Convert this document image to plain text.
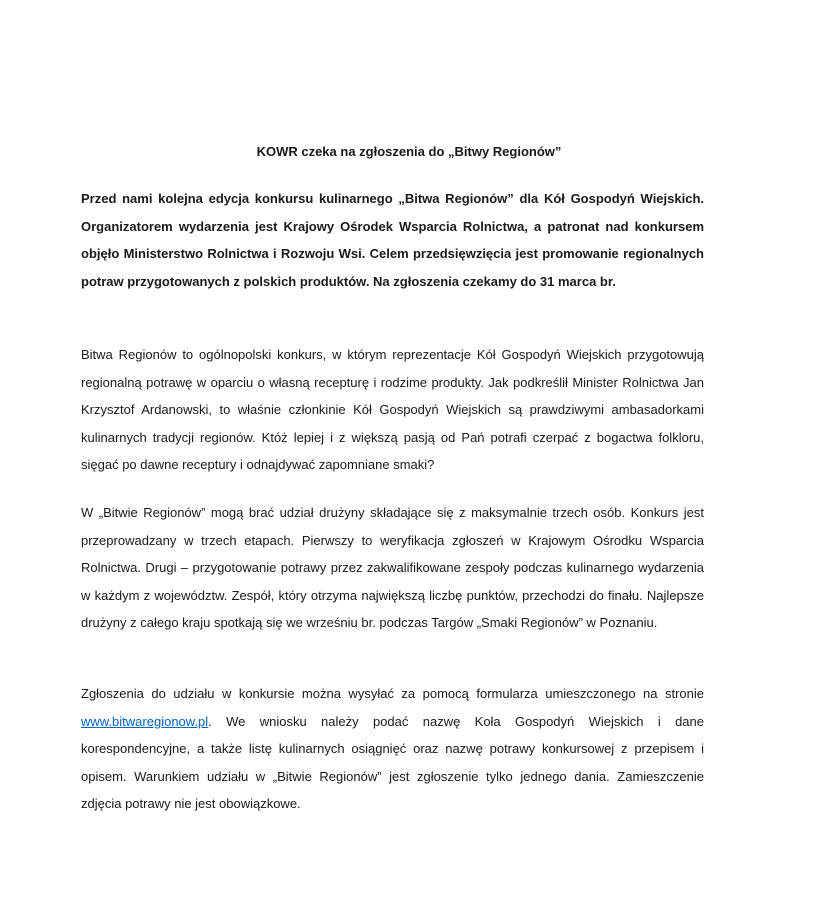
KOWR czeka na zgłoszenia do „Bitwy Regionów”

Przed nami kolejna edycja konkursu kulinarnego „Bitwa Regionów” dla Kół Gospodyń Wiejskich. Organizatorem wydarzenia jest Krajowy Ośrodek Wsparcia Rolnictwa, a patronat nad konkursem objęło Ministerstwo Rolnictwa i Rozwoju Wsi. Celem przedsięwzięcia jest promowanie regionalnych potraw przygotowanych z polskich produktów. Na zgłoszenia czekamy do 31 marca br.

Bitwa Regionów to ogólnopolski konkurs, w którym reprezentacje Kół Gospodyń Wiejskich przygotowują regionalną potrawę w oparciu o własną recepturę i rodzime produkty. Jak podkreślił Minister Rolnictwa Jan Krzysztof Ardanowski, to właśnie członkinie Kół Gospodyń Wiejskich są prawdziwymi ambasadorkami kulinarnych tradycji regionów. Któż lepiej i z większą pasją od Pań potrafi czerpać z bogactwa folkloru, sięgać po dawne receptury i odnajdywać zapomniane smaki?

W „Bitwie Regionów” mogą brać udział drużyny składające się z maksymalnie trzech osób. Konkurs jest przeprowadzany w trzech etapach. Pierwszy to weryfikacja zgłoszeń w Krajowym Ośrodku Wsparcia Rolnictwa. Drugi – przygotowanie potrawy przez zakwalifikowane zespoły podczas kulinarnego wydarzenia w każdym z województw. Zespół, który otrzyma największą liczbę punktów, przechodzi do finału. Najlepsze drużyny z całego kraju spotkają się we wrześniu br. podczas Targów „Smaki Regionów” w Poznaniu.

Zgłoszenia do udziału w konkursie można wysyłać za pomocą formularza umieszczonego na stronie www.bitwaregionow.pl. We wniosku należy podać nazwę Koła Gospodyń Wiejskich i dane korespondencyjne, a także listę kulinarnych osiągnięć oraz nazwę potrawy konkursowej z przepisem i opisem. Warunkiem udziału w „Bitwie Regionów” jest zgłoszenie tylko jednego dania. Zamieszczenie zdjęcia potrawy nie jest obowiązkowe.
